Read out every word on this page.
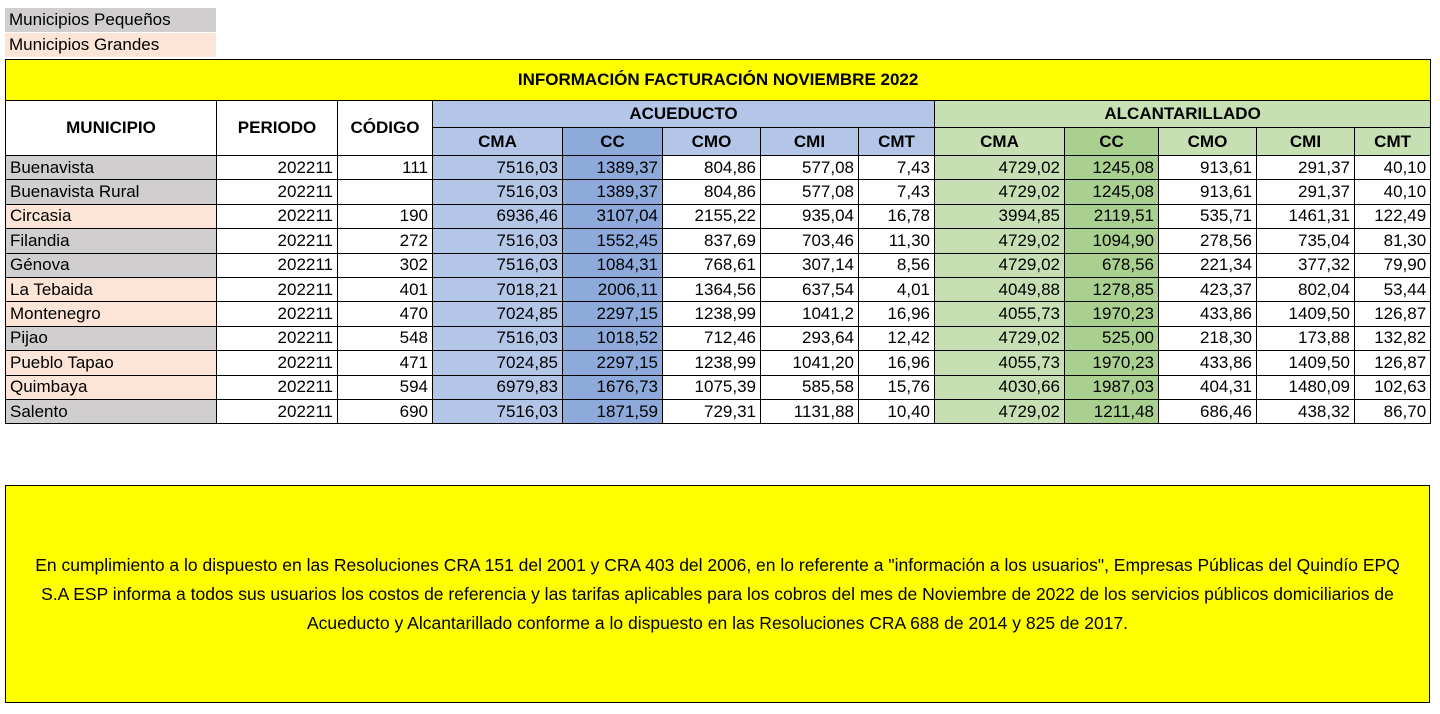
Municipios Pequeños
Municipios Grandes
INFORMACIÓN FACTURACIÓN NOVIEMBRE 2022												
MUNICIPIO	PERIODO	CÓDIGO	ACUEDUCTO					ALCANTARILLADO				
			CMA	CC	CMO	CMI	CMT	CMA	CC	CMO	CMI	CMT
Buenavista	202211	111	7516,03	1389,37	804,86	577,08	7,43	4729,02	1245,08	913,61	291,37	40,10
Buenavista Rural	202211		7516,03	1389,37	804,86	577,08	7,43	4729,02	1245,08	913,61	291,37	40,10
Circasia	202211	190	6936,46	3107,04	2155,22	935,04	16,78	3994,85	2119,51	535,71	1461,31	122,49
Filandia	202211	272	7516,03	1552,45	837,69	703,46	11,30	4729,02	1094,90	278,56	735,04	81,30
Génova	202211	302	7516,03	1084,31	768,61	307,14	8,56	4729,02	678,56	221,34	377,32	79,90
La Tebaida	202211	401	7018,21	2006,11	1364,56	637,54	4,01	4049,88	1278,85	423,37	802,04	53,44
Montenegro	202211	470	7024,85	2297,15	1238,99	1041,2	16,96	4055,73	1970,23	433,86	1409,50	126,87
Pijao	202211	548	7516,03	1018,52	712,46	293,64	12,42	4729,02	525,00	218,30	173,88	132,82
Pueblo Tapao	202211	471	7024,85	2297,15	1238,99	1041,20	16,96	4055,73	1970,23	433,86	1409,50	126,87
Quimbaya	202211	594	6979,83	1676,73	1075,39	585,58	15,76	4030,66	1987,03	404,31	1480,09	102,63
Salento	202211	690	7516,03	1871,59	729,31	1131,88	10,40	4729,02	1211,48	686,46	438,32	86,70

En cumplimiento a lo dispuesto en las Resoluciones CRA 151 del 2001 y CRA 403 del 2006, en lo referente a "información a los usuarios", Empresas Públicas del Quindío EPQ S.A ESP informa a todos sus usuarios los costos de referencia y las tarifas aplicables para los cobros del mes de Noviembre de 2022 de los servicios públicos domiciliarios de Acueducto y Alcantarillado conforme a lo dispuesto en las Resoluciones CRA 688 de 2014 y 825 de 2017.
